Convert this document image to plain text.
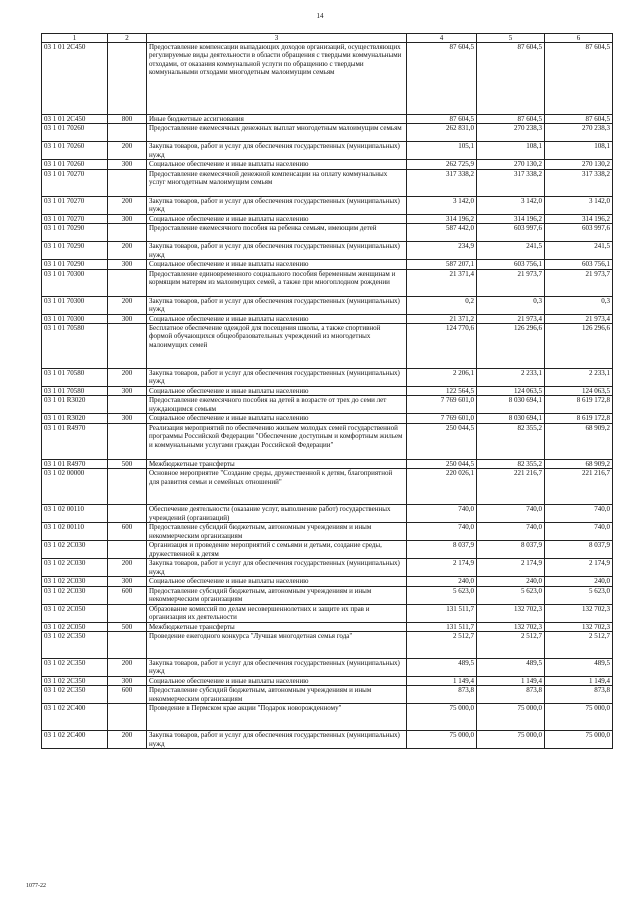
14
1	2	3	4	5	6
03 1 01 2C450		Предоставление компенсации выпадающих доходов организаций, осуществляющих регулируемые виды деятельности в области обращения с твердыми коммунальными отходами, от оказания коммунальной услуги по обращению с твердыми коммунальными отходами многодетным малоимущим семьям	87 604,5	87 604,5	87 604,5
03 1 01 2C450	800	Иные бюджетные ассигнования	87 604,5	87 604,5	87 604,5
03 1 01 70260		Предоставление ежемесячных денежных выплат многодетным малоимущим семьям	262 831,0	270 238,3	270 238,3
03 1 01 70260	200	Закупка товаров, работ и услуг для обеспечения государственных (муниципальных) нужд	105,1	108,1	108,1
03 1 01 70260	300	Социальное обеспечение и иные выплаты населению	262 725,9	270 130,2	270 130,2
03 1 01 70270		Предоставление ежемесячной денежной компенсации на оплату коммунальных услуг многодетным малоимущим семьям	317 338,2	317 338,2	317 338,2
03 1 01 70270	200	Закупка товаров, работ и услуг для обеспечения государственных (муниципальных) нужд	3 142,0	3 142,0	3 142,0
03 1 01 70270	300	Социальное обеспечение и иные выплаты населению	314 196,2	314 196,2	314 196,2
03 1 01 70290		Предоставление ежемесячного пособия на ребенка семьям, имеющим детей	587 442,0	603 997,6	603 997,6
03 1 01 70290	200	Закупка товаров, работ и услуг для обеспечения государственных (муниципальных) нужд	234,9	241,5	241,5
03 1 01 70290	300	Социальное обеспечение и иные выплаты населению	587 207,1	603 756,1	603 756,1
03 1 01 70300		Предоставление единовременного социального пособия беременным женщинам и кормящим матерям из малоимущих семей, а также при многоплодном рождении	21 371,4	21 973,7	21 973,7
03 1 01 70300	200	Закупка товаров, работ и услуг для обеспечения государственных (муниципальных) нужд	0,2	0,3	0,3
03 1 01 70300	300	Социальное обеспечение и иные выплаты населению	21 371,2	21 973,4	21 973,4
03 1 01 70580		Бесплатное обеспечение одеждой для посещения школы, а также спортивной формой обучающихся общеобразовательных учреждений из многодетных малоимущих семей	124 770,6	126 296,6	126 296,6
03 1 01 70580	200	Закупка товаров, работ и услуг для обеспечения государственных (муниципальных) нужд	2 206,1	2 233,1	2 233,1
03 1 01 70580	300	Социальное обеспечение и иные выплаты населению	122 564,5	124 063,5	124 063,5
03 1 01 R3020		Предоставление ежемесячного пособия на детей в возрасте от трех до семи лет нуждающимся семьям	7 769 601,0	8 030 694,1	8 619 172,8
03 1 01 R3020	300	Социальное обеспечение и иные выплаты населению	7 769 601,0	8 030 694,1	8 619 172,8
03 1 01 R4970		Реализация мероприятий по обеспечению жильем молодых семей государственной программы Российской Федерации "Обеспечение доступным и комфортным жильем и коммунальными услугами граждан Российской Федерации"	250 044,5	82 355,2	68 909,2
03 1 01 R4970	500	Межбюджетные трансферты	250 044,5	82 355,2	68 909,2
03 1 02 00000		Основное мероприятие "Создание среды, дружественной к детям, благоприятной для развития семьи и семейных отношений"	220 026,1	221 216,7	221 216,7
03 1 02 00110		Обеспечение деятельности (оказание услуг, выполнение работ) государственных учреждений (организаций)	740,0	740,0	740,0
03 1 02 00110	600	Предоставление субсидий бюджетным, автономным учреждениям и иным некоммерческим организациям	740,0	740,0	740,0
03 1 02 2C030		Организация и проведение мероприятий с семьями и детьми, создание среды, дружественной к детям	8 037,9	8 037,9	8 037,9
03 1 02 2C030	200	Закупка товаров, работ и услуг для обеспечения государственных (муниципальных) нужд	2 174,9	2 174,9	2 174,9
03 1 02 2C030	300	Социальное обеспечение и иные выплаты населению	240,0	240,0	240,0
03 1 02 2C030	600	Предоставление субсидий бюджетным, автономным учреждениям и иным некоммерческим организациям	5 623,0	5 623,0	5 623,0
03 1 02 2C050		Образование комиссий по делам несовершеннолетних и защите их прав и организация их деятельности	131 511,7	132 702,3	132 702,3
03 1 02 2C050	500	Межбюджетные трансферты	131 511,7	132 702,3	132 702,3
03 1 02 2C350		Проведение ежегодного конкурса "Лучшая многодетная семья года"	2 512,7	2 512,7	2 512,7
03 1 02 2C350	200	Закупка товаров, работ и услуг для обеспечения государственных (муниципальных) нужд	489,5	489,5	489,5
03 1 02 2C350	300	Социальное обеспечение и иные выплаты населению	1 149,4	1 149,4	1 149,4
03 1 02 2C350	600	Предоставление субсидий бюджетным, автономным учреждениям и иным некоммерческим организациям	873,8	873,8	873,8
03 1 02 2C400		Проведение в Пермском крае акции "Подарок новорожденному"	75 000,0	75 000,0	75 000,0
03 1 02 2C400	200	Закупка товаров, работ и услуг для обеспечения государственных (муниципальных) нужд	75 000,0	75 000,0	75 000,0
1077-22
